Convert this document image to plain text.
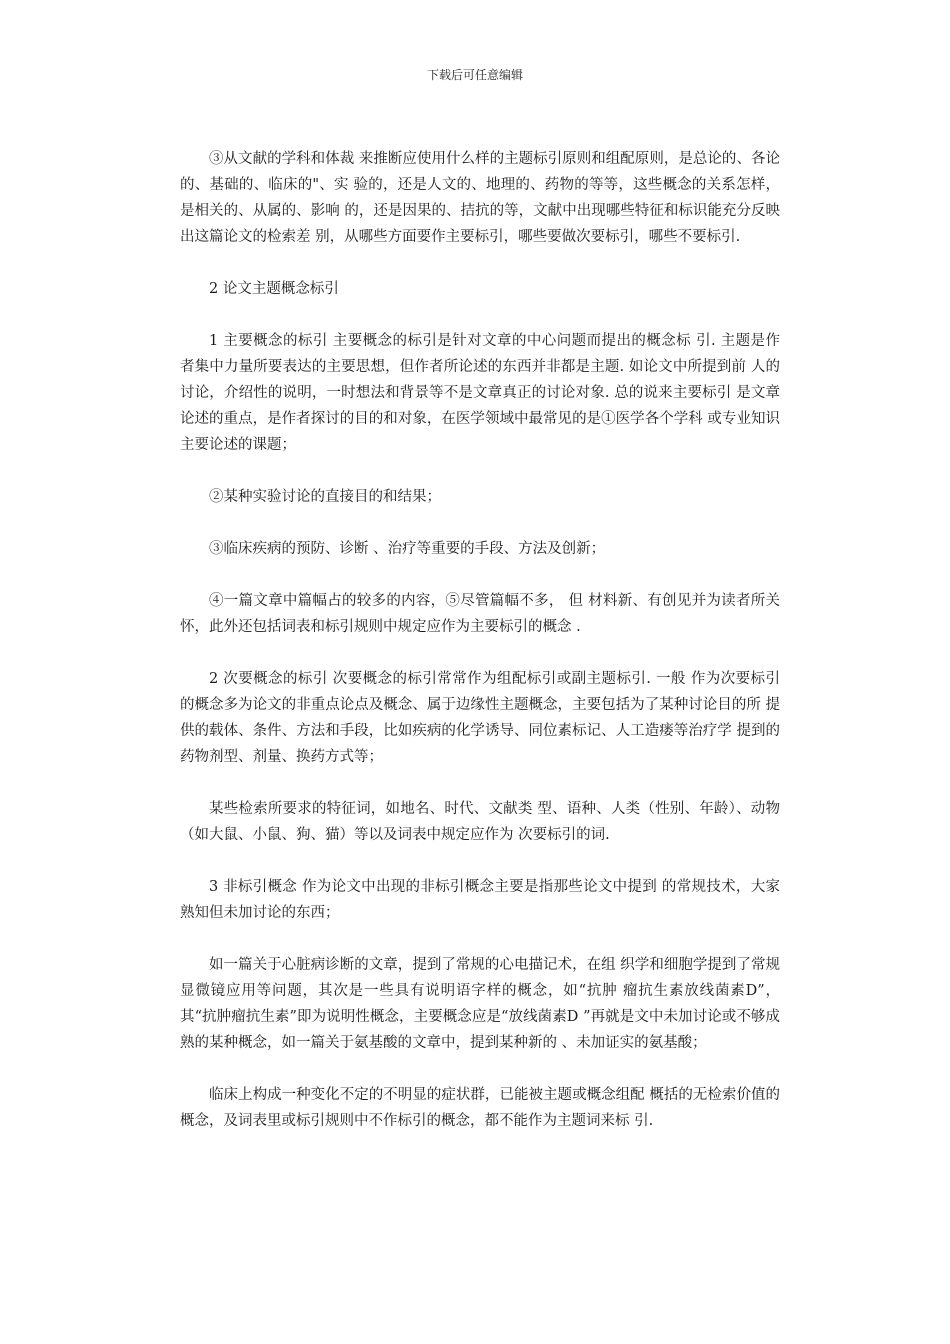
下载后可任意编辑

③从文献的学科和体裁 来推断应使用什么样的主题标引原则和组配原则，是总论的、各论的、基础的、临床的"、实 验的，还是人文的、地理的、药物的等等，这些概念的关系怎样，是相关的、从属的、影响 的，还是因果的、拮抗的等，文献中出现哪些特征和标识能充分反映出这篇论文的检索差 别，从哪些方面要作主要标引，哪些要做次要标引，哪些不要标引.

2 论文主题概念标引

1 主要概念的标引 主要概念的标引是针对文章的中心问题而提出的概念标 引. 主题是作 者集中力量所要表达的主要思想，但作者所论述的东西并非都是主题. 如论文中所提到前 人的讨论，介绍性的说明，一时想法和背景等不是文章真正的讨论对象. 总的说来主要标引 是文章论述的重点，是作者探讨的目的和对象，在医学领域中最常见的是①医学各个学科 或专业知识主要论述的课题；

②某种实验讨论的直接目的和结果；

③临床疾病的预防、诊断 、治疗等重要的手段、方法及创新；

④一篇文章中篇幅占的较多的内容，⑤尽管篇幅不多， 但 材料新、有创见并为读者所关怀，此外还包括词表和标引规则中规定应作为主要标引的概念 .

2 次要概念的标引 次要概念的标引常常作为组配标引或副主题标引. 一般 作为次要标引 的概念多为论文的非重点论点及概念、属于边缘性主题概念，主要包括为了某种讨论目的所 提 供的载体、条件、方法和手段，比如疾病的化学诱导、同位素标记、人工造瘘等治疗学 提到的药物剂型、剂量、换药方式等；

某些检索所要求的特征词，如地名、时代、文献类 型、语种、人类（性别、年龄）、动物（如大鼠、小鼠、狗、猫）等以及词表中规定应作为 次要标引的词.

3 非标引概念 作为论文中出现的非标引概念主要是指那些论文中提到 的常规技术，大家 熟知但未加讨论的东西；

如一篇关于心脏病诊断的文章，提到了常规的心电描记术，在组 织学和细胞学提到了常规显微镜应用等问题，其次是一些具有说明语字样的概念，如“抗肿 瘤抗生素放线菌素D”，其“抗肿瘤抗生素”即为说明性概念，主要概念应是“放线菌素D ”再就是文中未加讨论或不够成熟的某种概念，如一篇关于氨基酸的文章中，提到某种新的 、未加证实的氨基酸；

临床上构成一种变化不定的不明显的症状群，已能被主题或概念组配 概括的无检索价值的概念，及词表里或标引规则中不作标引的概念，都不能作为主题词来标 引.
